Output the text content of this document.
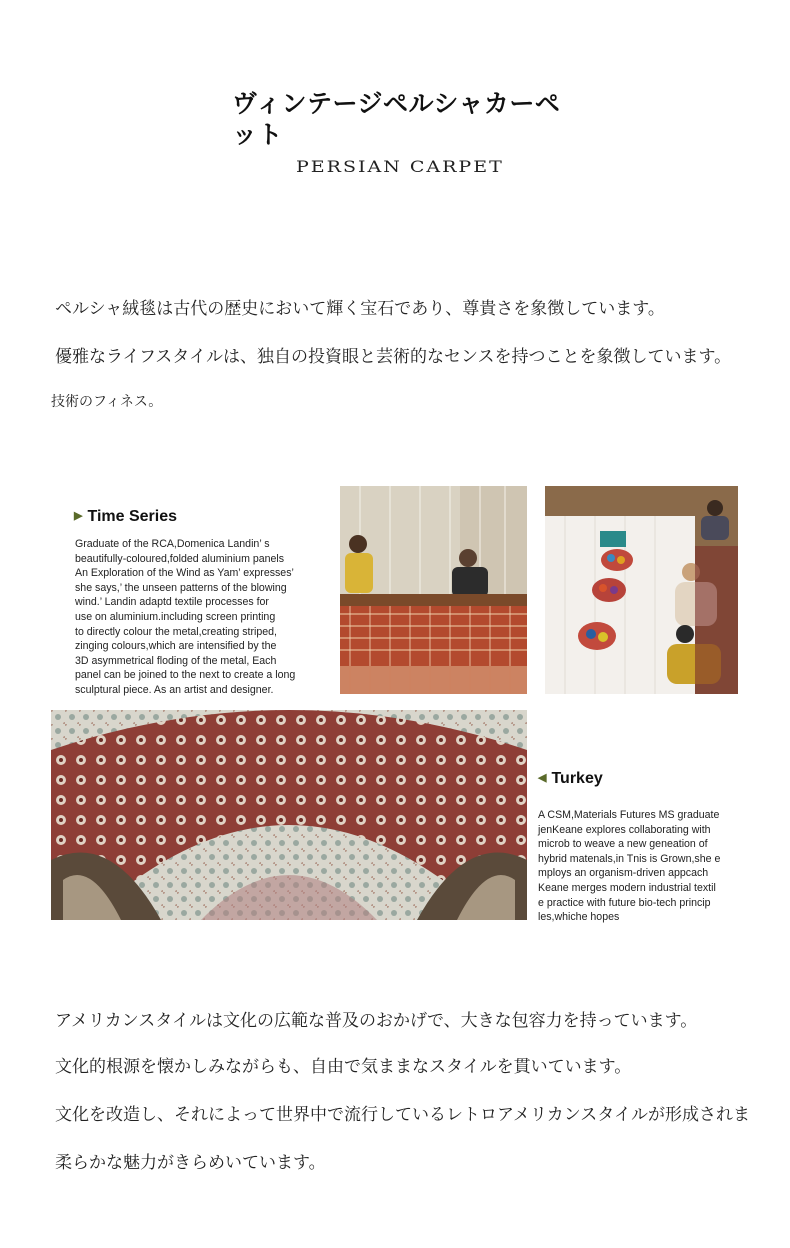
ヴィンテージペルシャカーペット
PERSIAN CARPET
ペルシャ絨毯は古代の歴史において輝く宝石であり、尊貴さを象徴しています。
優雅なライフスタイルは、独自の投資眼と芸術的なセンスを持つことを象徴しています。
技術のフィネス。
▶ Time Series
Graduate of the RCA,Domenica Landin’ s
beautifully-coloured,folded aluminium panels
An Exploration of the Wind as Yam’ expresses’
she says,’ the unseen patterns of the blowing
wind.’ Landin adaptd textile processes for
use on aluminium.including screen printing
to directly colour the metal,creating striped,
zinging colours,which are intensified by the
3D asymmetrical floding of the metal, Each
panel can be joined to the next to create a long
sculptural piece. As an artist and designer.
◀ Turkey
A CSM,Materials Futures MS graduate
jenKeane explores collaborating with
microb to weave a new geneation of
hybrid matenals,in Tnis is Grown,she e
mploys an organism-driven appcach
Keane merges modern industrial textil
e practice with future bio-tech princip
les,whiche hopes
アメリカンスタイルは文化の広範な普及のおかげで、大きな包容力を持っています。
文化的根源を懐かしみながらも、自由で気ままなスタイルを貫いています。
文化を改造し、それによって世界中で流行しているレトロアメリカンスタイルが形成されま
柔らかな魅力がきらめいています。
